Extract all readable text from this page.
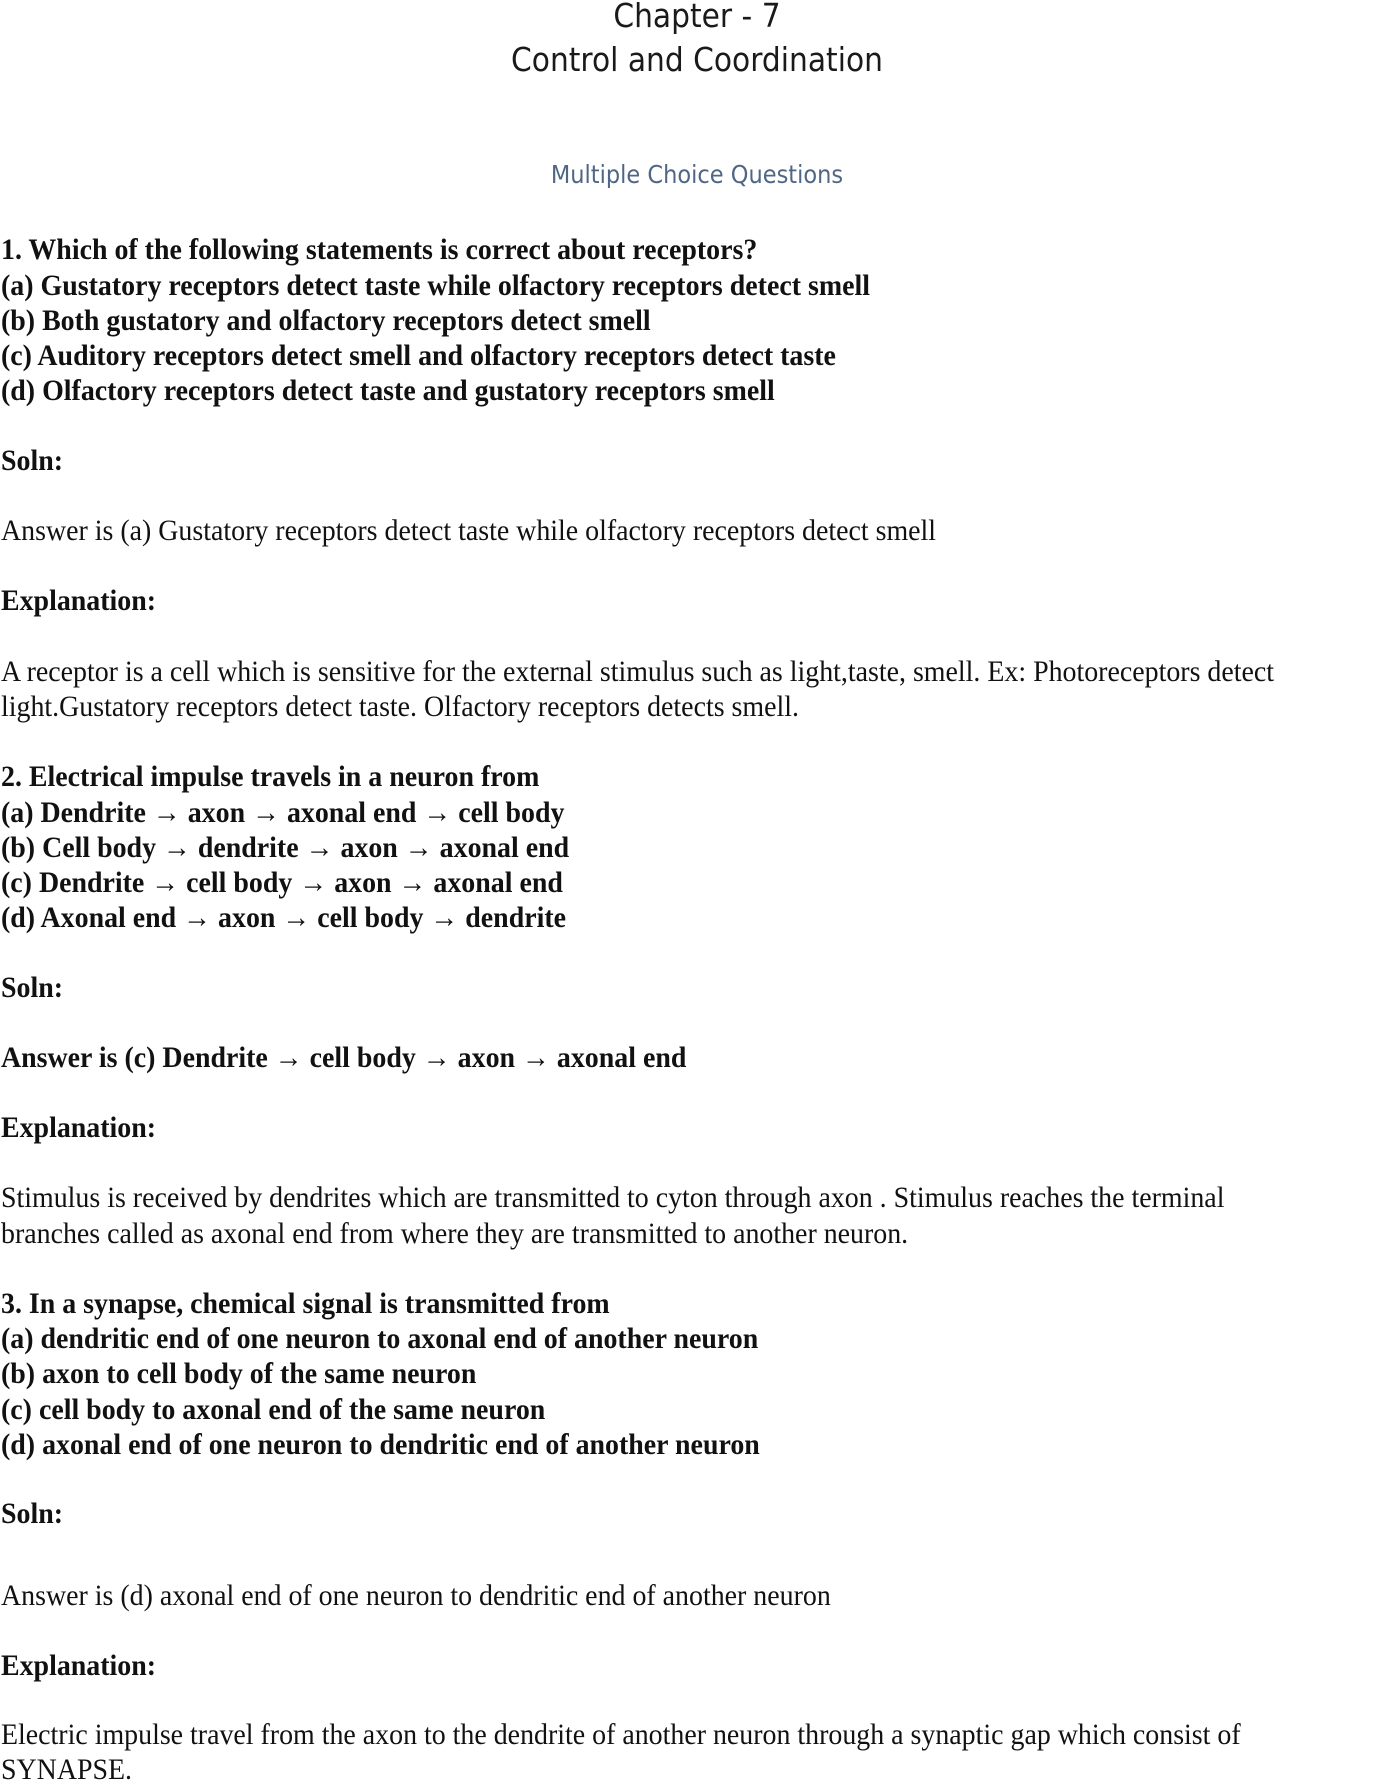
Chapter - 7
Control and Coordination
Multiple Choice Questions
1. Which of the following statements is correct about receptors?
(a) Gustatory receptors detect taste while olfactory receptors detect smell
(b) Both gustatory and olfactory receptors detect smell
(c) Auditory receptors detect smell and olfactory receptors detect taste
(d) Olfactory receptors detect taste and gustatory receptors smell
Soln:
Answer is (a) Gustatory receptors detect taste while olfactory receptors detect smell
Explanation:
A receptor is a cell which is sensitive for the external stimulus such as light,taste, smell. Ex: Photoreceptors detect
light.Gustatory receptors detect taste. Olfactory receptors detects smell.
2. Electrical impulse travels in a neuron from
(a) Dendrite → axon → axonal end → cell body
(b) Cell body → dendrite → axon → axonal end
(c) Dendrite → cell body → axon → axonal end
(d) Axonal end → axon → cell body → dendrite
Soln:
Answer is (c) Dendrite → cell body → axon → axonal end
Explanation:
Stimulus is received by dendrites which are transmitted to cyton through axon . Stimulus reaches the terminal
branches called as axonal end from where they are transmitted to another neuron.
3. In a synapse, chemical signal is transmitted from
(a) dendritic end of one neuron to axonal end of another neuron
(b) axon to cell body of the same neuron
(c) cell body to axonal end of the same neuron
(d) axonal end of one neuron to dendritic end of another neuron
Soln:
Answer is (d) axonal end of one neuron to dendritic end of another neuron
Explanation:
Electric impulse travel from the axon to the dendrite of another neuron through a synaptic gap which consist of
SYNAPSE.
